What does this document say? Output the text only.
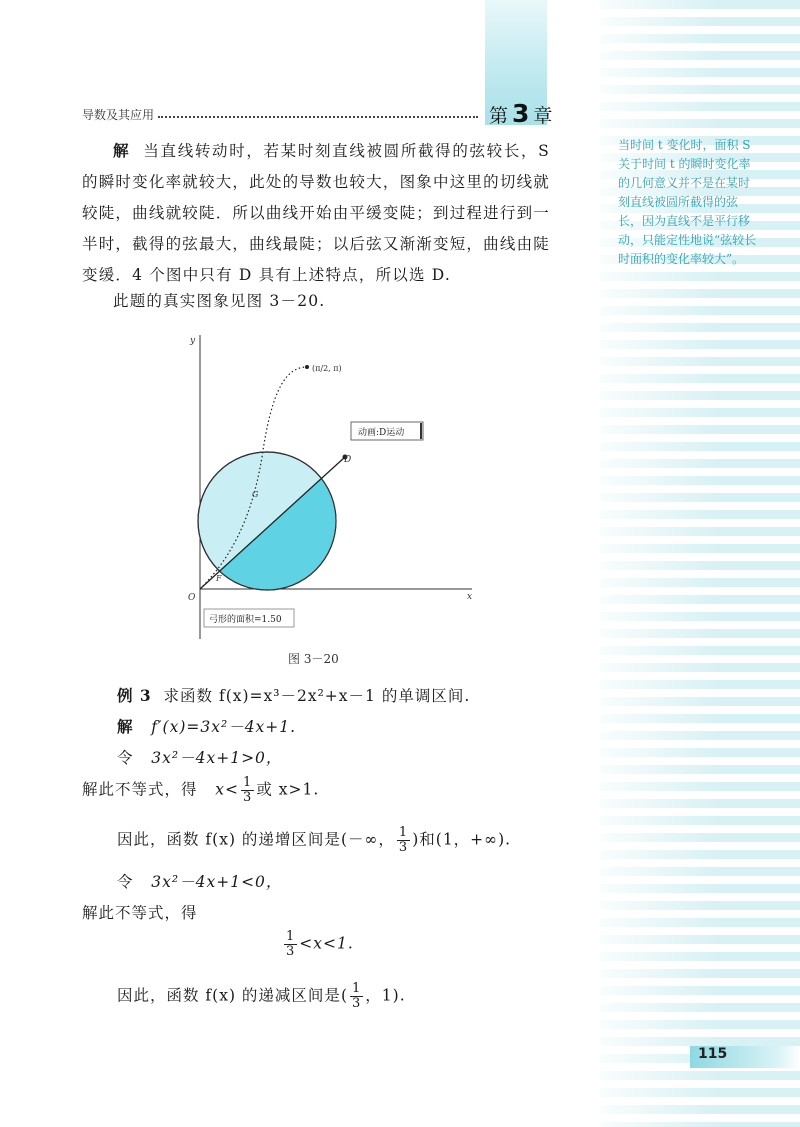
导数及其应用	第 3 章
当时间 t 变化时，面积 S 关于时间 t 的瞬时变化率的几何意义并不是在某时刻直线被圆所截得的弦长，因为直线不是平行移动，只能定性地说“弦较长时面积的变化率较大”。
解 当直线转动时，若某时刻直线被圆所截得的弦较长，S 的瞬时变化率就较大，此处的导数也较大，图象中这里的切线就较陡，曲线就较陡．所以曲线开始由平缓变陡；到过程进行到一半时，截得的弦最大，曲线最陡；以后弦又渐渐变短，曲线由陡变缓．4 个图中只有 D 具有上述特点，所以选 D.
此题的真实图象见图 3－20.
y
x
O
D
G
F
(π/2, π)
动画:D运动
弓形的面积=1.50
图 3－20
例 3 求函数 f(x)=x³－2x²+x－1 的单调区间.
解 f′(x)=3x²－4x+1.
令 3x²－4x+1>0，
解此不等式，得 $x< \frac{1}{3}$ 或 x>1.
因此，函数 f(x) 的递增区间是(－∞， $\frac{1}{3}$ )和(1，+∞).
令 3x²－4x+1<0，
解此不等式，得
$\frac{1}{3} <x<1$.
因此，函数 f(x) 的递减区间是( $\frac{1}{3}$ ，1).
115
